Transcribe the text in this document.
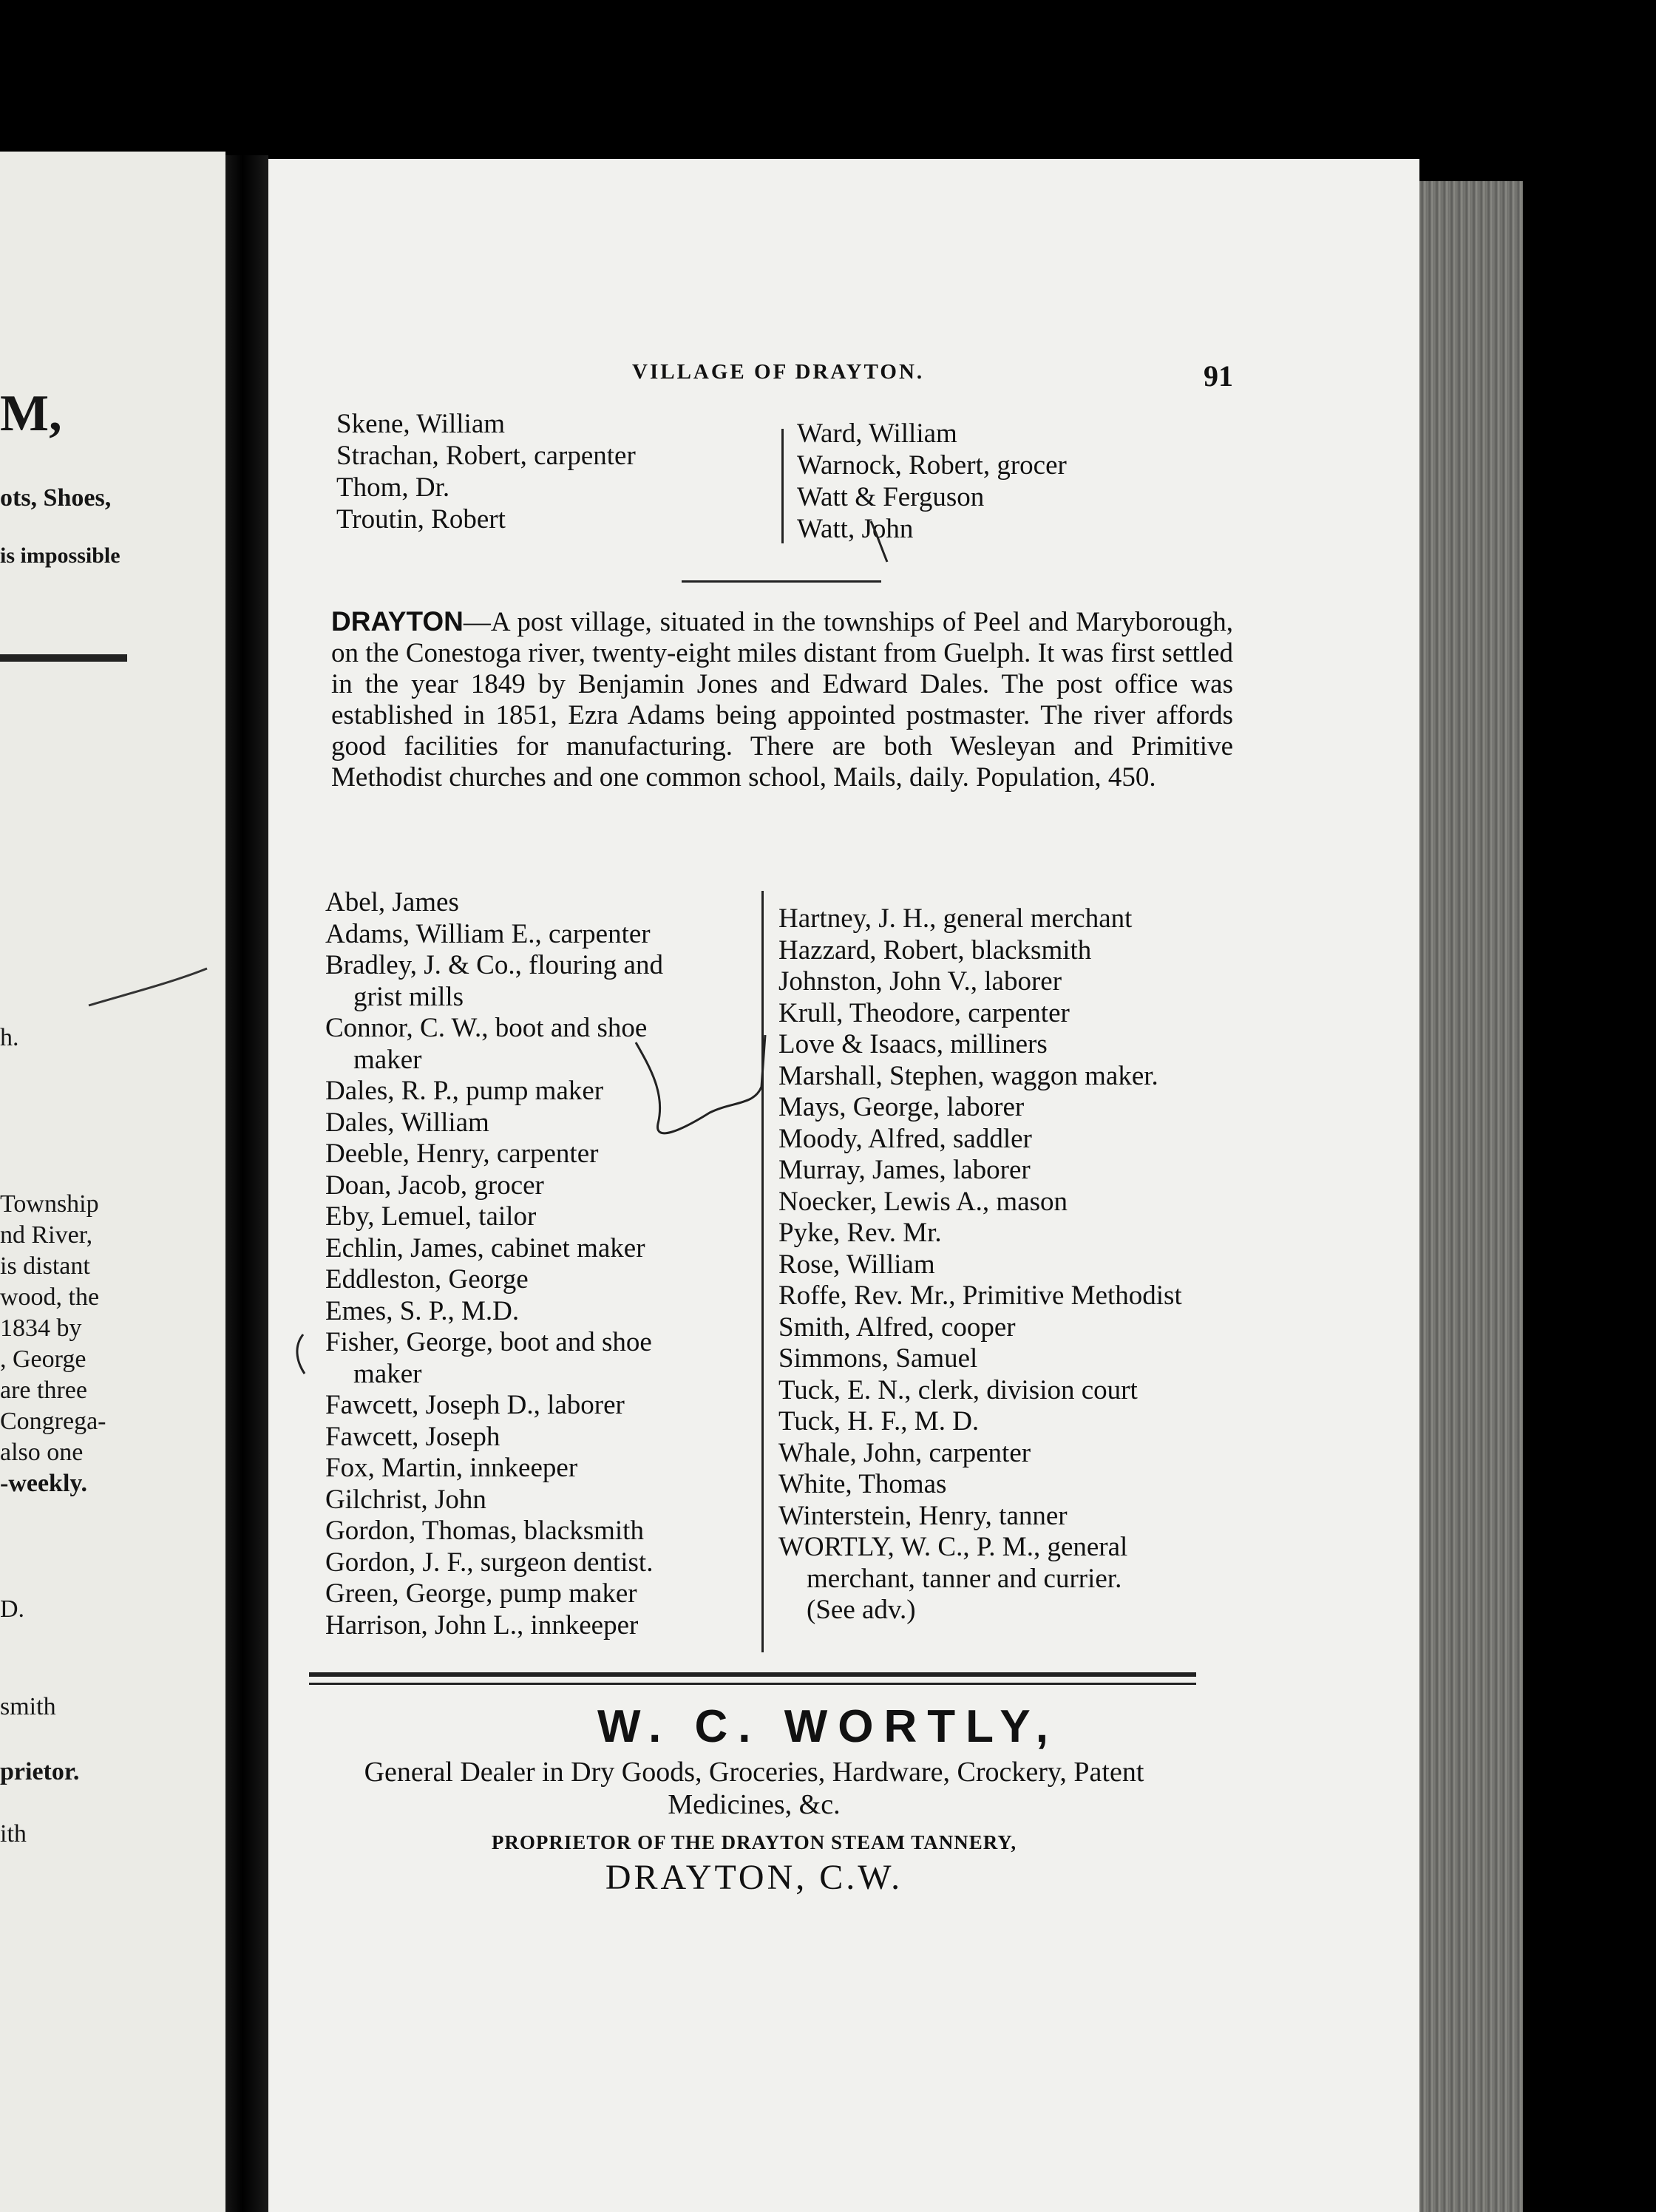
M,
ots, Shoes,
is impossible
h.
Township
nd River,
is distant
wood, the
1834 by
, George
are three
Congrega-
also one
-weekly.
D.
smith
prietor.
ith
VILLAGE OF DRAYTON.	91
Skene, William
Strachan, Robert, carpenter
Thom, Dr.
Troutin, Robert
Ward, William
Warnock, Robert, grocer
Watt & Ferguson
Watt, John
DRAYTON—A post village, situated in the townships of Peel and Maryborough, on the Conestoga river, twenty-eight miles distant from Guelph. It was first settled in the year 1849 by Benjamin Jones and Edward Dales. The post office was established in 1851, Ezra Adams being appointed postmaster. The river affords good facilities for manufacturing. There are both Wesleyan and Primitive Methodist churches and one common school, Mails, daily. Population, 450.
Abel, James
Adams, William E., carpenter
Bradley, J. & Co., flouring and
grist mills
Connor, C. W., boot and shoe
maker
Dales, R. P., pump maker
Dales, William
Deeble, Henry, carpenter
Doan, Jacob, grocer
Eby, Lemuel, tailor
Echlin, James, cabinet maker
Eddleston, George
Emes, S. P., M.D.
Fisher, George, boot and shoe
maker
Fawcett, Joseph D., laborer
Fawcett, Joseph
Fox, Martin, innkeeper
Gilchrist, John
Gordon, Thomas, blacksmith
Gordon, J. F., surgeon dentist.
Green, George, pump maker
Harrison, John L., innkeeper
Hartney, J. H., general merchant
Hazzard, Robert, blacksmith
Johnston, John V., laborer
Krull, Theodore, carpenter
Love & Isaacs, milliners
Marshall, Stephen, waggon maker.
Mays, George, laborer
Moody, Alfred, saddler
Murray, James, laborer
Noecker, Lewis A., mason
Pyke, Rev. Mr.
Rose, William
Roffe, Rev. Mr., Primitive Methodist
Smith, Alfred, cooper
Simmons, Samuel
Tuck, E. N., clerk, division court
Tuck, H. F., M. D.
Whale, John, carpenter
White, Thomas
Winterstein, Henry, tanner
WORTLY, W. C., P. M., general
merchant, tanner and currier.
(See adv.)
W. C. WORTLY,
General Dealer in Dry Goods, Groceries, Hardware, Crockery, Patent
Medicines, &c.
PROPRIETOR OF THE DRAYTON STEAM TANNERY,
DRAYTON, C.W.
